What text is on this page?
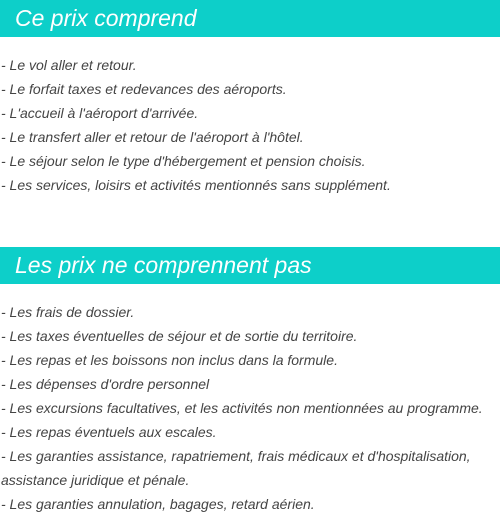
Ce prix comprend
- Le vol aller et retour.
- Le forfait taxes et redevances des aéroports.
- L'accueil à l'aéroport d'arrivée.
- Le transfert aller et retour de l'aéroport à l'hôtel.
- Le séjour selon le type d'hébergement et pension choisis.
- Les services, loisirs et activités mentionnés sans supplément.
Les prix ne comprennent pas
- Les frais de dossier.
- Les taxes éventuelles de séjour et de sortie du territoire.
- Les repas et les boissons non inclus dans la formule.
- Les dépenses d'ordre personnel
- Les excursions facultatives, et les activités non mentionnées au programme.
- Les repas éventuels aux escales.
- Les garanties assistance, rapatriement, frais médicaux et d'hospitalisation, assistance juridique et pénale.
- Les garanties annulation, bagages, retard aérien.
